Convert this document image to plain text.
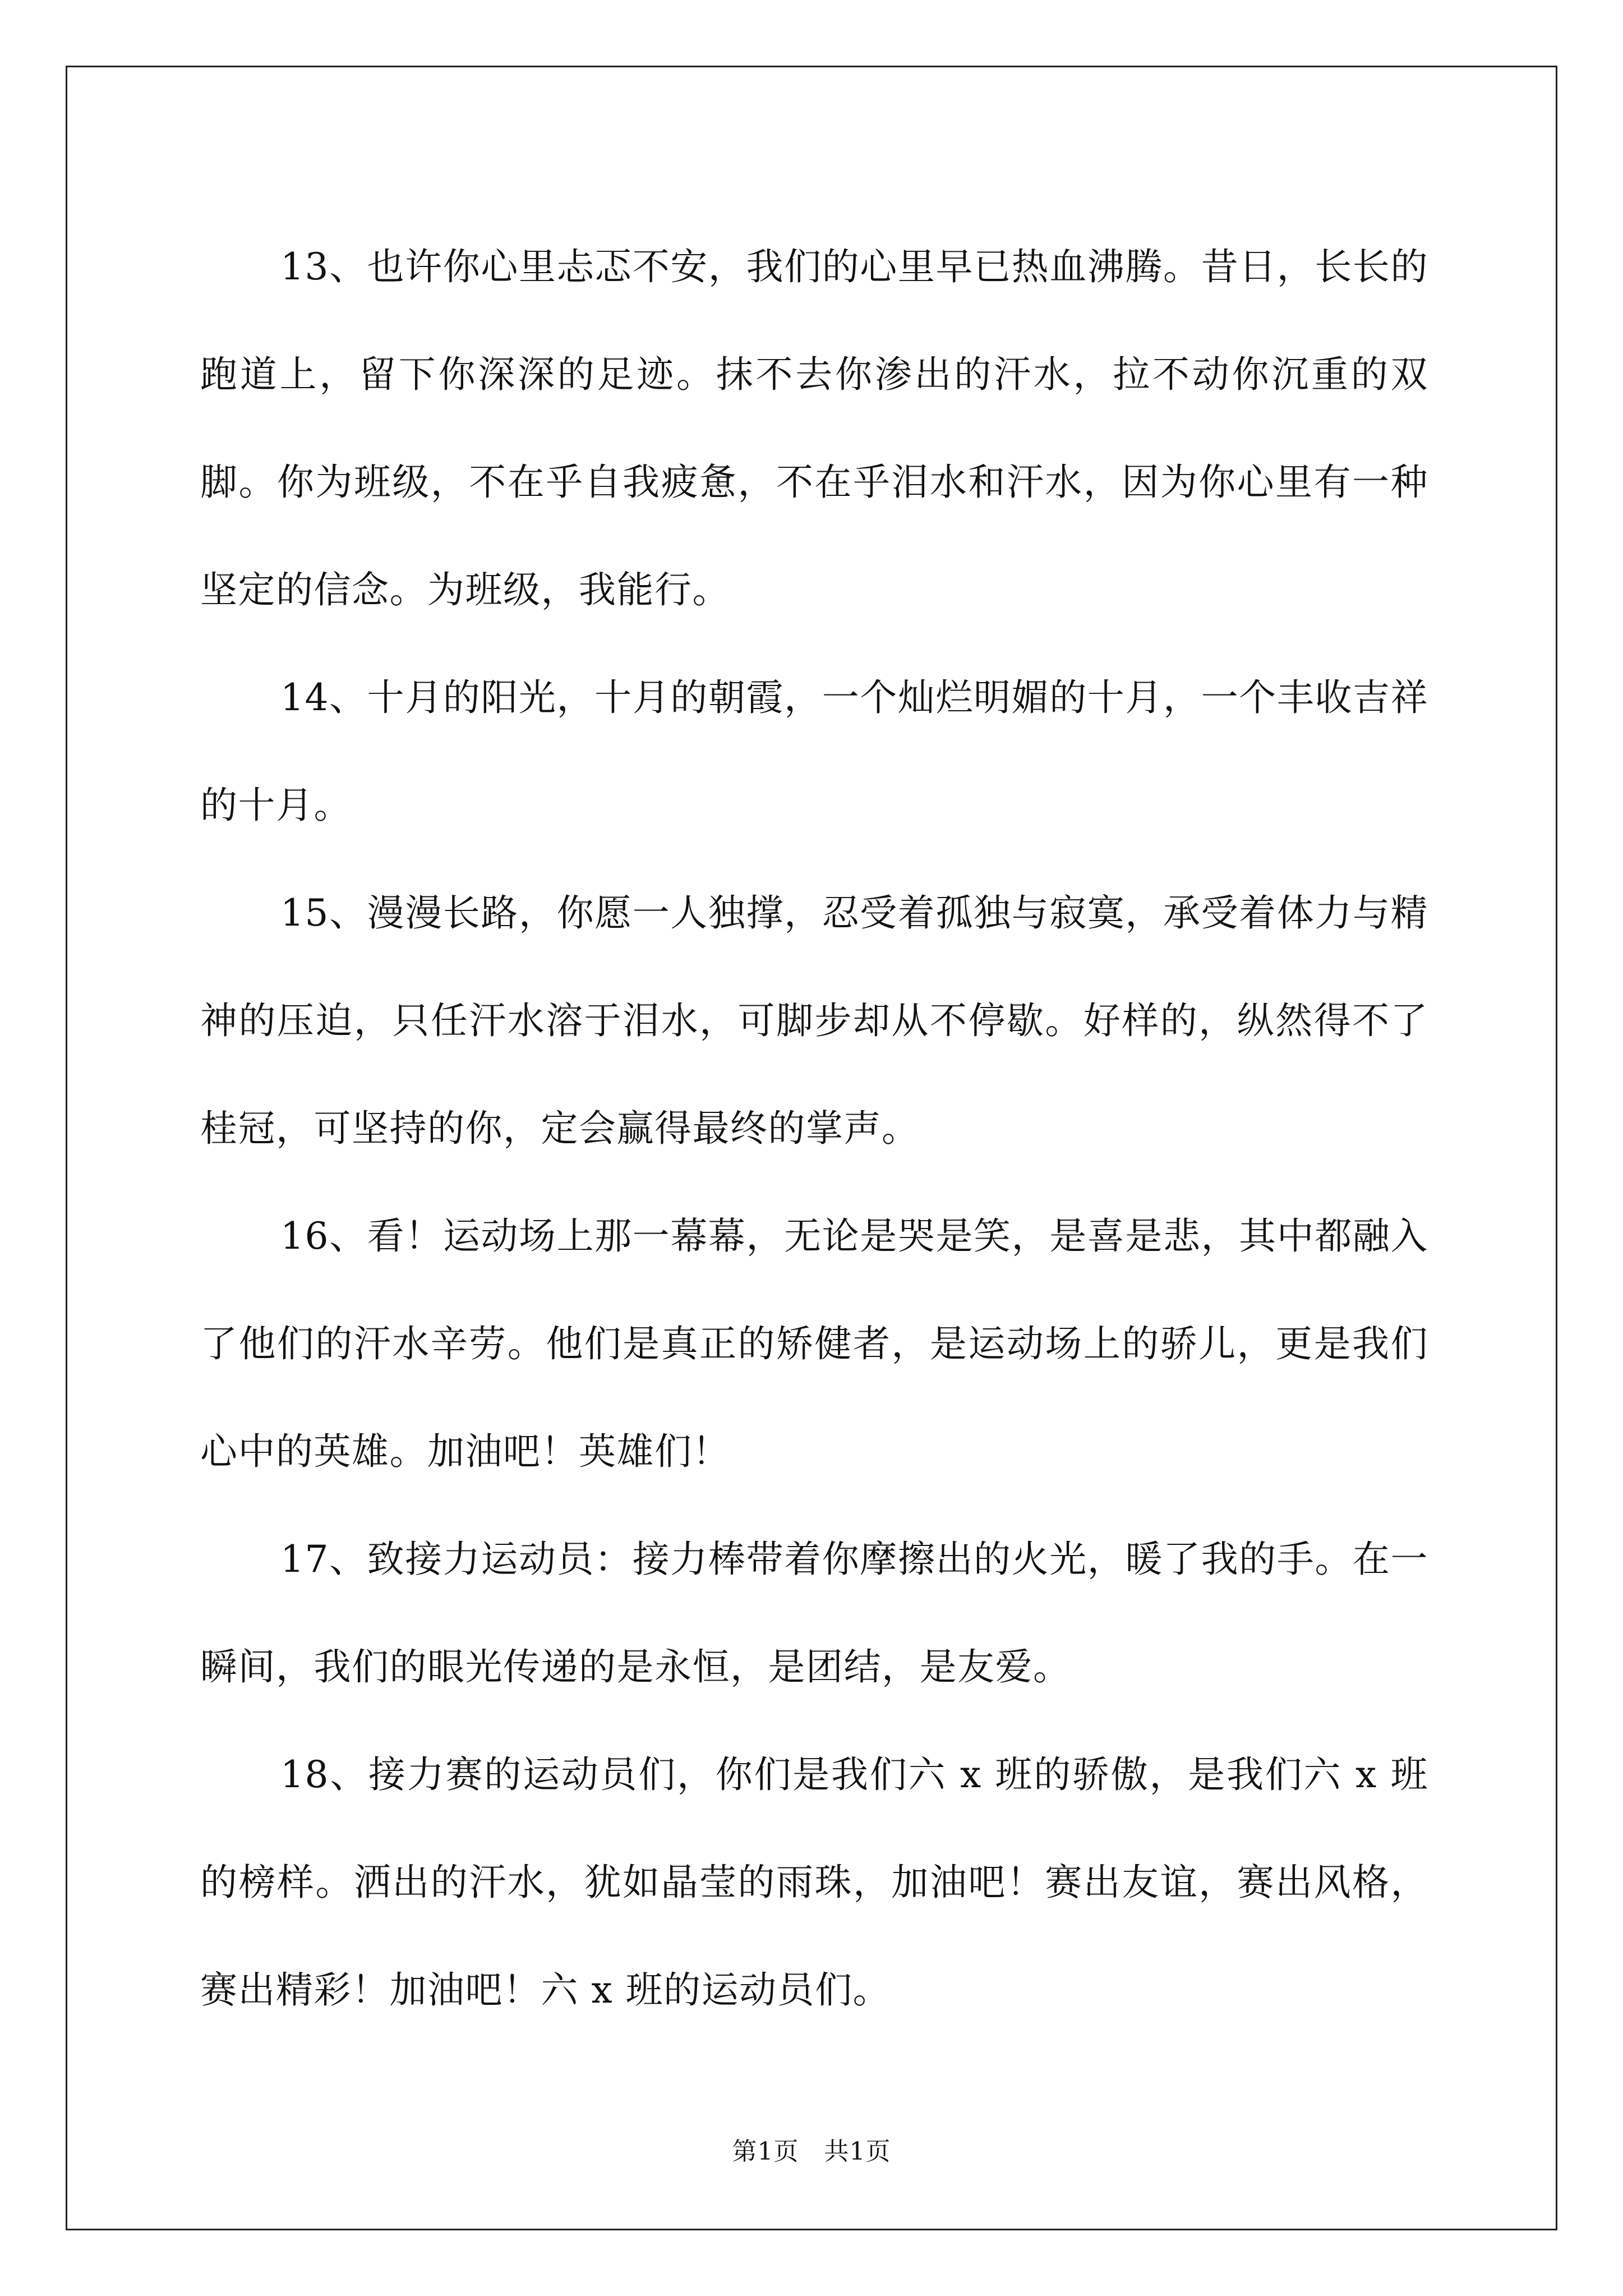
13、也许你心里忐忑不安，我们的心里早已热血沸腾。昔日，长长的跑道上，留下你深深的足迹。抹不去你渗出的汗水，拉不动你沉重的双脚。你为班级，不在乎自我疲惫，不在乎泪水和汗水，因为你心里有一种坚定的信念。为班级，我能行。

14、十月的阳光，十月的朝霞，一个灿烂明媚的十月，一个丰收吉祥的十月。

15、漫漫长路，你愿一人独撑，忍受着孤独与寂寞，承受着体力与精神的压迫，只任汗水溶于泪水，可脚步却从不停歇。好样的，纵然得不了桂冠，可坚持的你，定会赢得最终的掌声。

16、看！运动场上那一幕幕，无论是哭是笑，是喜是悲，其中都融入了他们的汗水辛劳。他们是真正的矫健者，是运动场上的骄儿，更是我们心中的英雄。加油吧！英雄们！

17、致接力运动员：接力棒带着你摩擦出的火光，暖了我的手。在一瞬间，我们的眼光传递的是永恒，是团结，是友爱。

18、接力赛的运动员们，你们是我们六 x 班的骄傲，是我们六 x 班的榜样。洒出的汗水，犹如晶莹的雨珠，加油吧！赛出友谊，赛出风格，赛出精彩！加油吧！六 x 班的运动员们。

第1页   共1页
